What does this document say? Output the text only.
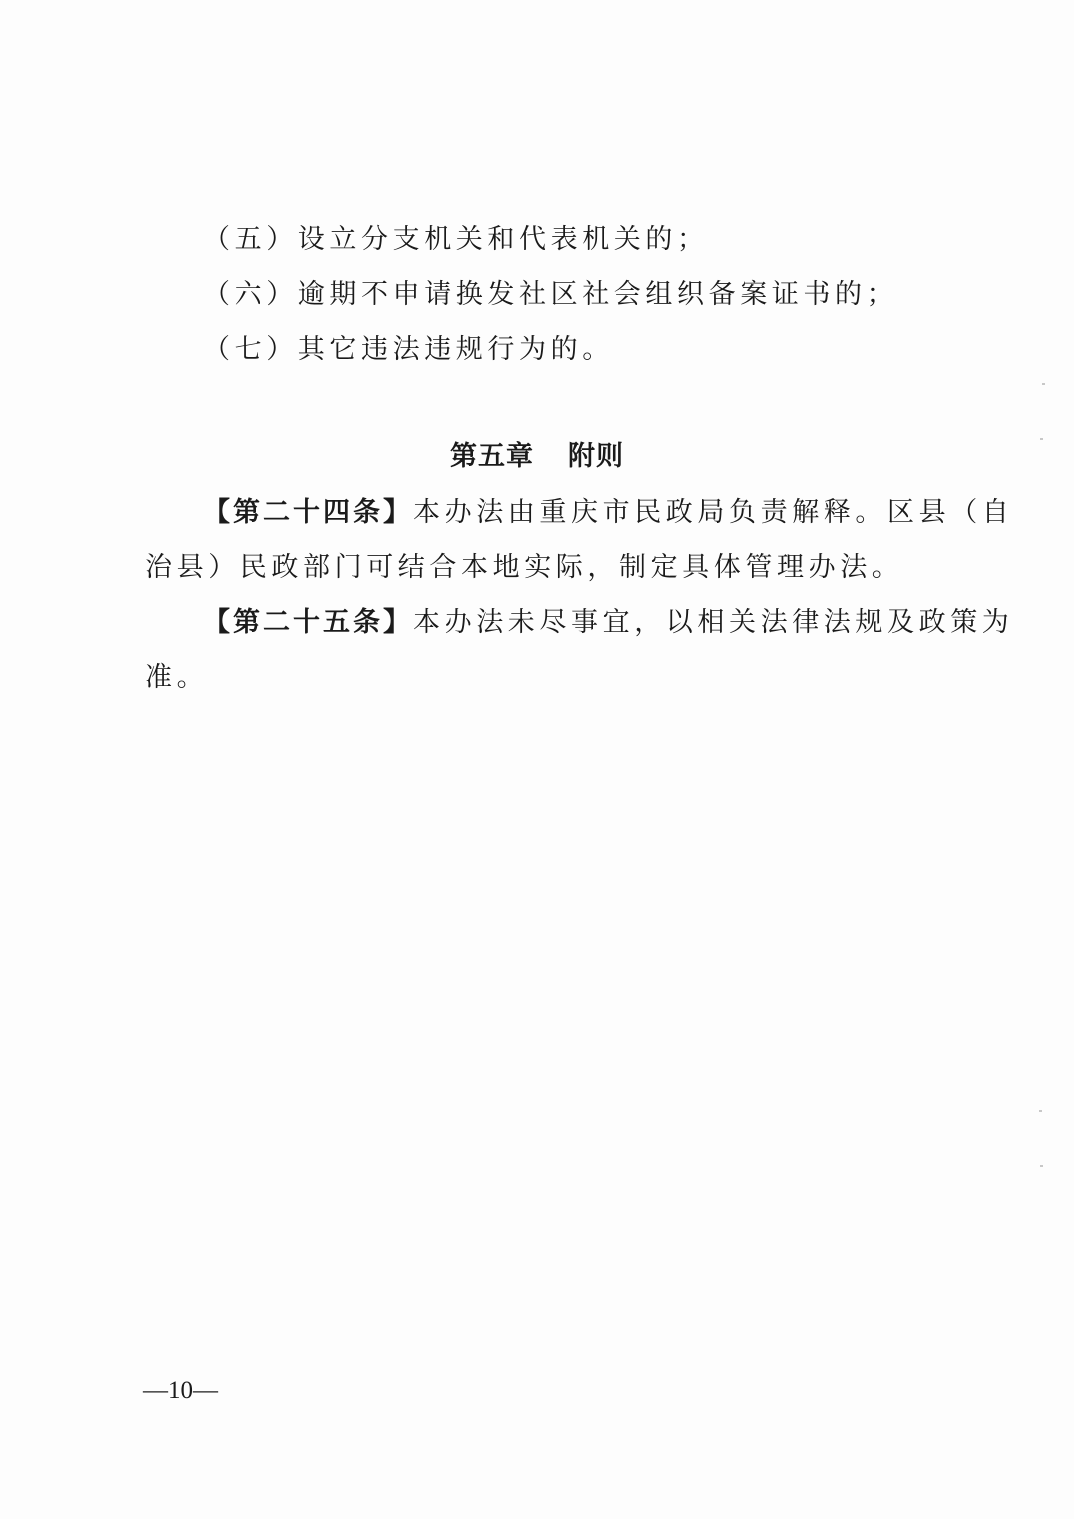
（五）设立分支机关和代表机关的；
（六）逾期不申请换发社区社会组织备案证书的；
（七）其它违法违规行为的。
第五章 附则
【第二十四条】本办法由重庆市民政局负责解释。区县（自
治县）民政部门可结合本地实际，制定具体管理办法。
【第二十五条】本办法未尽事宜，以相关法律法规及政策为
准。
—10—
